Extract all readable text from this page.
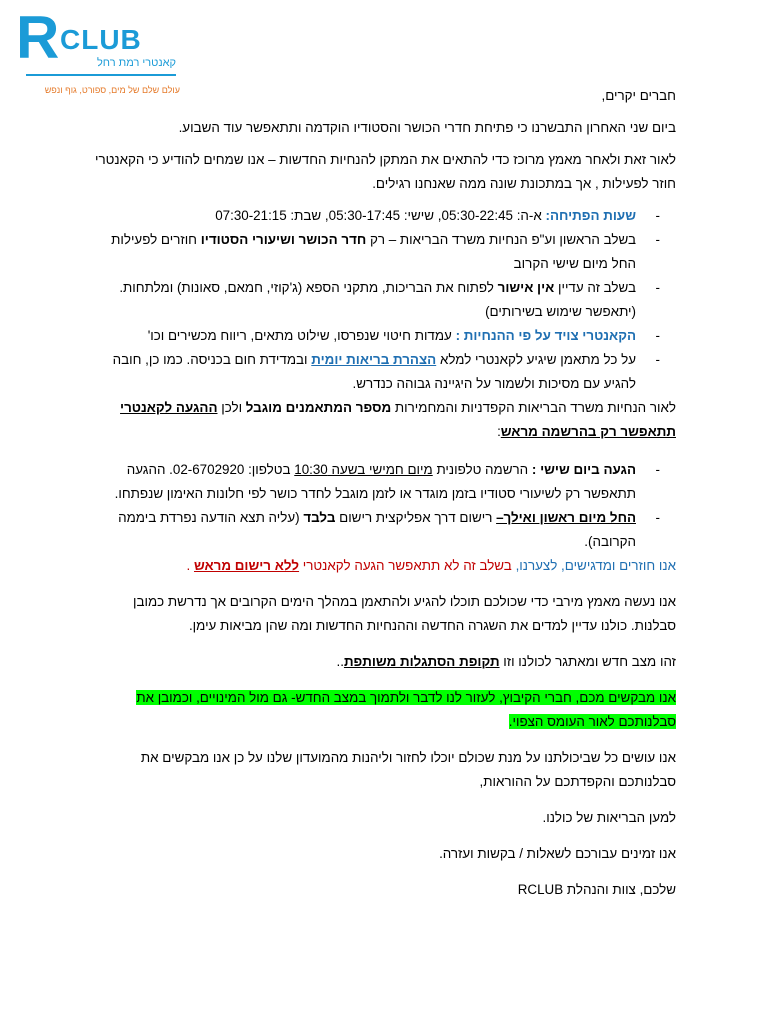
R CLUB
קאנטרי רמת רחל
עולם שלם של מים, ספורט, גוף ונפש	חברים יקרים,

ביום שני האחרון התבשרנו כי פתיחת חדרי הכושר והסטודיו הוקדמה ותתאפשר עוד השבוע.

לאור זאת ולאחר מאמץ מרוכז כדי להתאים את המתקן להנחיות החדשות – אנו שמחים להודיע כי הקאנטרי חוזר לפעילות , אך במתכונת שונה ממה שאנחנו רגילים.

- שעות הפתיחה: א-ה: 05:30-22:45, שישי: 05:30-17:45, שבת: 07:30-21:15
- בשלב הראשון וע"פ הנחיות משרד הבריאות – רק חדר הכושר ושיעורי הסטודיו חוזרים לפעילות החל מיום שישי הקרוב
- בשלב זה עדיין אין אישור לפתוח את הבריכות, מתקני הספא (ג'קוזי, חמאם, סאונות) ומלתחות.
(יתאפשר שימוש בשירותים)
- הקאנטרי צויד על פי ההנחיות : עמדות חיטוי שנפרסו, שילוט מתאים, ריווח מכשירים וכו'
- על כל מתאמן שיגיע לקאנטרי למלא הצהרת בריאות יומית ובמדידת חום בכניסה. כמו כן, חובה להגיע עם מסיכות ולשמור על היגיינה גבוהה כנדרש.

לאור הנחיות משרד הבריאות הקפדניות והמחמירות מספר המתאמנים מוגבל ולכן ההגעה לקאנטרי תתאפשר רק בהרשמה מראש:

- הגעה ביום שישי : הרשמה טלפונית מיום חמישי בשעה 10:30 בטלפון: 02-6702920. ההגעה תתאפשר רק לשיעורי סטודיו בזמן מוגדר או לזמן מוגבל לחדר כושר לפי חלונות האימון שנפתחו.
- החל מיום ראשון ואילך– רישום דרך אפליקצית רישום בלבד (עליה תצא הודעה נפרדת ביממה הקרובה).

אנו חוזרים ומדגישים, לצערנו, בשלב זה לא תתאפשר הגעה לקאנטרי ללא רישום מראש .

אנו נעשה מאמץ מירבי כדי שכולכם תוכלו להגיע ולהתאמן במהלך הימים הקרובים אך נדרשת כמובן סבלנות. כולנו עדיין למדים את השגרה החדשה וההנחיות החדשות ומה שהן מביאות עימן.

זהו מצב חדש ומאתגר לכולנו וזו תקופת הסתגלות משותפת..

אנו מבקשים מכם, חברי הקיבוץ, לעזור לנו לדבר ולתמוך במצב החדש- גם מול המינויים, וכמובן את סבלנותכם לאור העומס הצפוי.

אנו עושים כל שביכולתנו על מנת שכולם יוכלו לחזור וליהנות מהמועדון שלנו על כן אנו מבקשים את סבלנותכם והקפדתכם על ההוראות,

למען הבריאות של כולנו.

אנו זמינים עבורכם לשאלות / בקשות ועזרה.

שלכם, צוות והנהלת RCLUB
